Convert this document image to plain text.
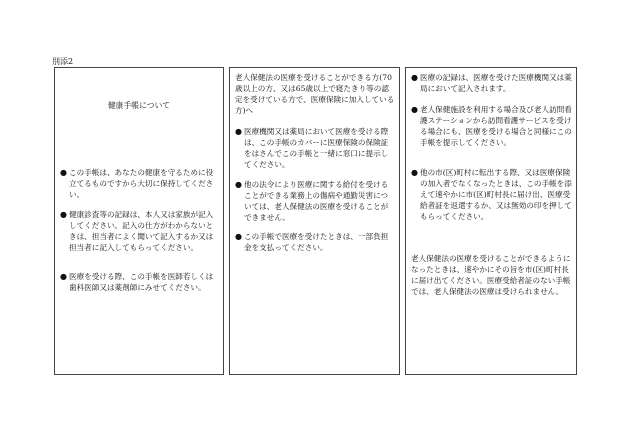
別添2
健康手帳について
● この手帳は、あなたの健康を守るために役立てるものですから大切に保持してください。
● 健康診査等の記録は、本人又は家族が記入してください。記入の仕方がわからないときは、担当者によく聞いて記入するか又は担当者に記入してもらってください。
● 医療を受ける際、この手帳を医師若しくは歯科医師又は薬剤師にみせてください。
老人保健法の医療を受けることができる方(70歳以上の方、又は65歳以上で寝たきり等の認定を受けている方で、医療保険に加入している方)へ
● 医療機関又は薬局において医療を受ける際は、この手帳のカバーに医療保険の保険証をはさんでこの手帳と一緒に窓口に提示してください。
● 他の法令により医療に関する給付を受けることができる業務上の傷病や通勤災害については、老人保健法の医療を受けることができません。
● この手帳で医療を受けたときは、一部負担金を支払ってください。
● 医療の記録は、医療を受けた医療機関又は薬局において記入されます。
● 老人保健施設を利用する場合及び老人訪問看護ステーションから訪問看護サービスを受ける場合にも、医療を受ける場合と同様にこの手帳を提示してください。
● 他の市(区)町村に転出する際、又は医療保険の加入者でなくなったときは、この手帳を添えて速やかに市(区)町村長に届け出、医療受給者証を返還するか、又は無効の印を押してもらってください。
老人保健法の医療を受けることができるようになったときは、速やかにその旨を市(区)町村長に届け出てください。医療受給者証のない手帳では、老人保健法の医療は受けられません。
